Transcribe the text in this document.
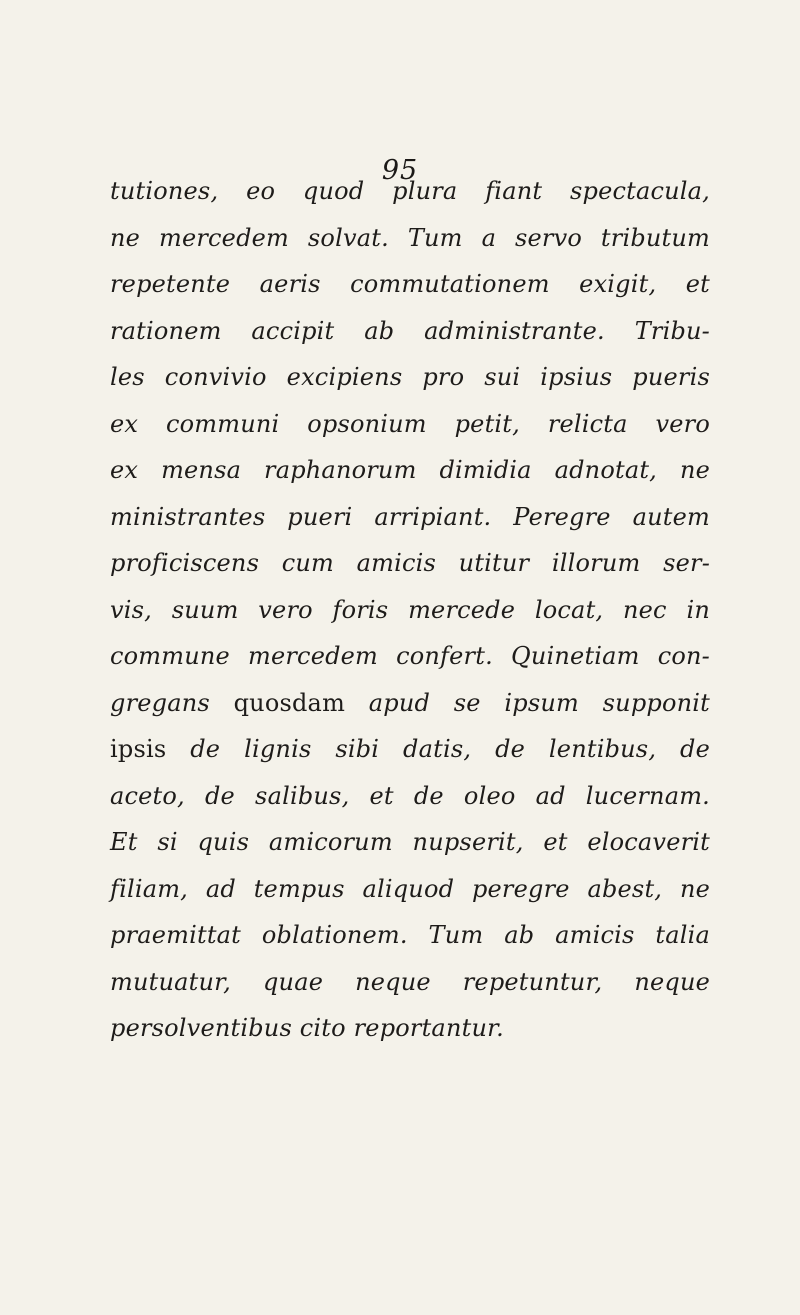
95
tutiones, eo quod plura fiant spectacula,
ne mercedem solvat. Tum a servo tributum
repetente aeris commutationem exigit, et
rationem accipit ab administrante. Tribu-
les convivio excipiens pro sui ipsius pueris
ex communi opsonium petit, relicta vero
ex mensa raphanorum dimidia adnotat, ne
ministrantes pueri arripiant. Peregre autem
proficiscens cum amicis utitur illorum ser-
vis, suum vero foris mercede locat, nec in
commune mercedem confert. Quinetiam con-
gregans quosdam apud se ipsum supponit
ipsis de lignis sibi datis, de lentibus, de
aceto, de salibus, et de oleo ad lucernam.
Et si quis amicorum nupserit, et elocaverit
filiam, ad tempus aliquod peregre abest, ne
praemittat oblationem. Tum ab amicis talia
mutuatur, quae neque repetuntur, neque
persolventibus cito reportantur.
